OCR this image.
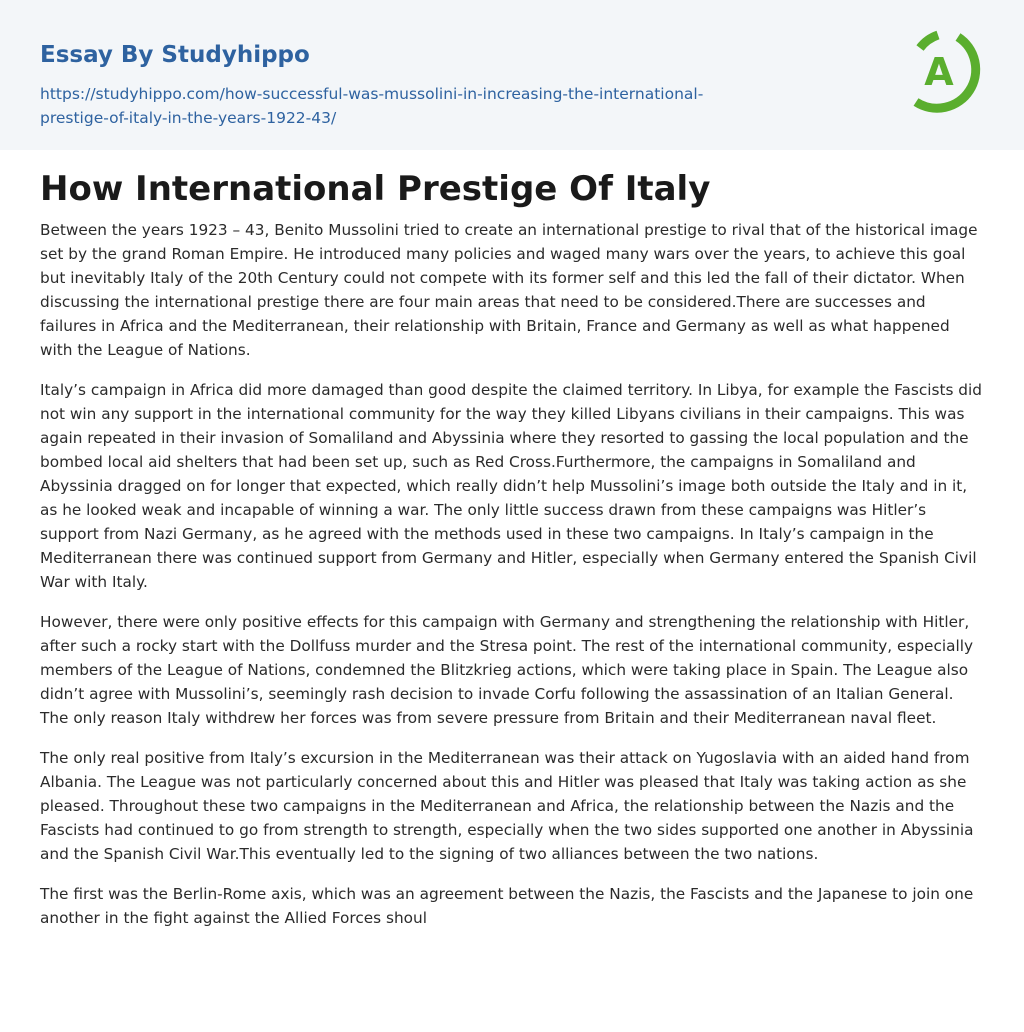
Essay By Studyhippo
https://studyhippo.com/how-successful-was-mussolini-in-increasing-the-international-
prestige-of-italy-in-the-years-1922-43/
A
How International Prestige Of Italy

Between the years 1923 – 43, Benito Mussolini tried to create an international prestige to rival that of the historical image set by the grand Roman Empire. He introduced many policies and waged many wars over the years, to achieve this goal but inevitably Italy of the 20th Century could not compete with its former self and this led the fall of their dictator. When discussing the international prestige there are four main areas that need to be considered.There are successes and failures in Africa and the Mediterranean, their relationship with Britain, France and Germany as well as what happened with the League of Nations.

Italy’s campaign in Africa did more damaged than good despite the claimed territory. In Libya, for example the Fascists did not win any support in the international community for the way they killed Libyans civilians in their campaigns. This was again repeated in their invasion of Somaliland and Abyssinia where they resorted to gassing the local population and the bombed local aid shelters that had been set up, such as Red Cross.Furthermore, the campaigns in Somaliland and Abyssinia dragged on for longer that expected, which really didn’t help Mussolini’s image both outside the Italy and in it, as he looked weak and incapable of winning a war. The only little success drawn from these campaigns was Hitler’s support from Nazi Germany, as he agreed with the methods used in these two campaigns. In Italy’s campaign in the Mediterranean there was continued support from Germany and Hitler, especially when Germany entered the Spanish Civil War with Italy.

However, there were only positive effects for this campaign with Germany and strengthening the relationship with Hitler, after such a rocky start with the Dollfuss murder and the Stresa point. The rest of the international community, especially members of the League of Nations, condemned the Blitzkrieg actions, which were taking place in Spain. The League also didn’t agree with Mussolini’s, seemingly rash decision to invade Corfu following the assassination of an Italian General. The only reason Italy withdrew her forces was from severe pressure from Britain and their Mediterranean naval fleet.

The only real positive from Italy’s excursion in the Mediterranean was their attack on Yugoslavia with an aided hand from Albania. The League was not particularly concerned about this and Hitler was pleased that Italy was taking action as she pleased. Throughout these two campaigns in the Mediterranean and Africa, the relationship between the Nazis and the Fascists had continued to go from strength to strength, especially when the two sides supported one another in Abyssinia and the Spanish Civil War.This eventually led to the signing of two alliances between the two nations.

The first was the Berlin-Rome axis, which was an agreement between the Nazis, the Fascists and the Japanese to join one another in the fight against the Allied Forces shoul
